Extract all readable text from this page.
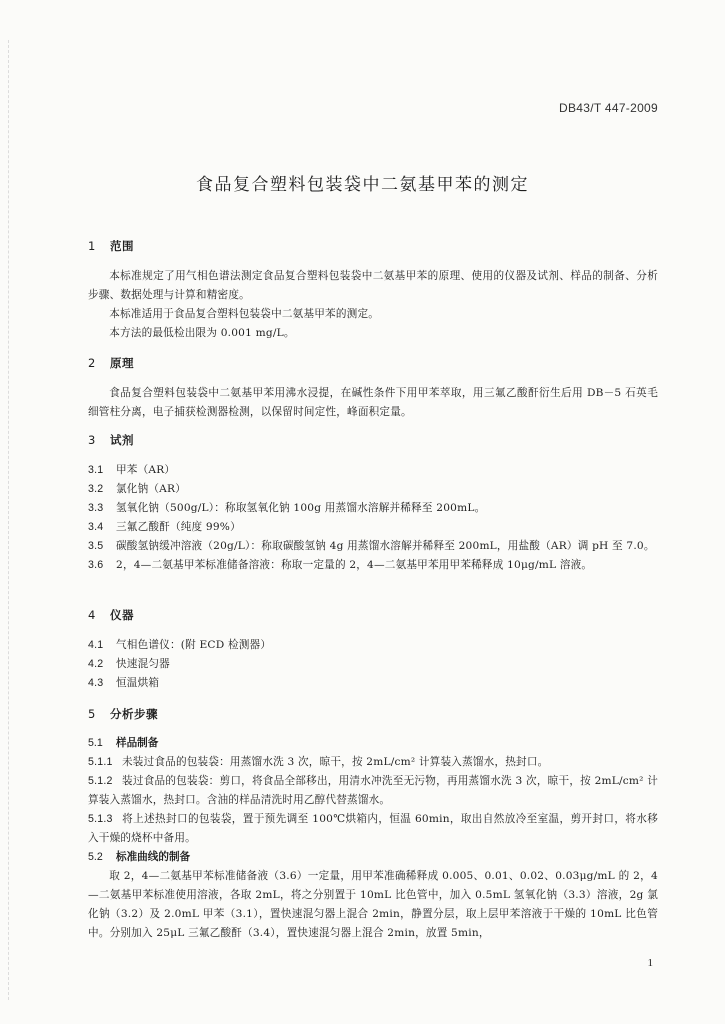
DB43/T 447-2009
食品复合塑料包装袋中二氨基甲苯的测定
1 范围
本标准规定了用气相色谱法测定食品复合塑料包装袋中二氨基甲苯的原理、使用的仪器及试剂、样品的制备、分析步骤、数据处理与计算和精密度。
本标准适用于食品复合塑料包装袋中二氨基甲苯的测定。
本方法的最低检出限为 0.001 mg/L。
2 原理
食品复合塑料包装袋中二氨基甲苯用沸水浸提，在碱性条件下用甲苯萃取，用三氟乙酸酐衍生后用 DB－5 石英毛细管柱分离，电子捕获检测器检测，以保留时间定性，峰面积定量。
3 试剂
3.1 甲苯（AR）
3.2 氯化钠（AR）
3.3 氢氧化钠（500g/L）：称取氢氧化钠 100g 用蒸馏水溶解并稀释至 200mL。
3.4 三氟乙酸酐（纯度 99%）
3.5 碳酸氢钠缓冲溶液（20g/L）：称取碳酸氢钠 4g 用蒸馏水溶解并稀释至 200mL，用盐酸（AR）调 pH 至 7.0。
3.6 2，4—二氨基甲苯标准储备溶液：称取一定量的 2，4—二氨基甲苯用甲苯稀释成 10μg/mL 溶液。
4 仪器
4.1 气相色谱仪：(附 ECD 检测器）
4.2 快速混匀器
4.3 恒温烘箱
5 分析步骤
5.1 样品制备
5.1.1 未装过食品的包装袋：用蒸馏水洗 3 次，晾干，按 2mL/cm² 计算装入蒸馏水，热封口。
5.1.2 装过食品的包装袋：剪口，将食品全部移出，用清水冲洗至无污物，再用蒸馏水洗 3 次，晾干，按 2mL/cm² 计算装入蒸馏水，热封口。含油的样品清洗时用乙醇代替蒸馏水。
5.1.3 将上述热封口的包装袋，置于预先调至 100℃烘箱内，恒温 60min，取出自然放冷至室温，剪开封口，将水移入干燥的烧杯中备用。
5.2 标准曲线的制备
取 2，4—二氨基甲苯标准储备液（3.6）一定量，用甲苯准确稀释成 0.005、0.01、0.02、0.03μg/mL 的 2，4—二氨基甲苯标准使用溶液，各取 2mL，将之分别置于 10mL 比色管中，加入 0.5mL 氢氧化钠（3.3）溶液，2g 氯化钠（3.2）及 2.0mL 甲苯（3.1），置快速混匀器上混合 2min，静置分层，取上层甲苯溶液于干燥的 10mL 比色管中。分别加入 25μL 三氟乙酸酐（3.4），置快速混匀器上混合 2min，放置 5min，
1
